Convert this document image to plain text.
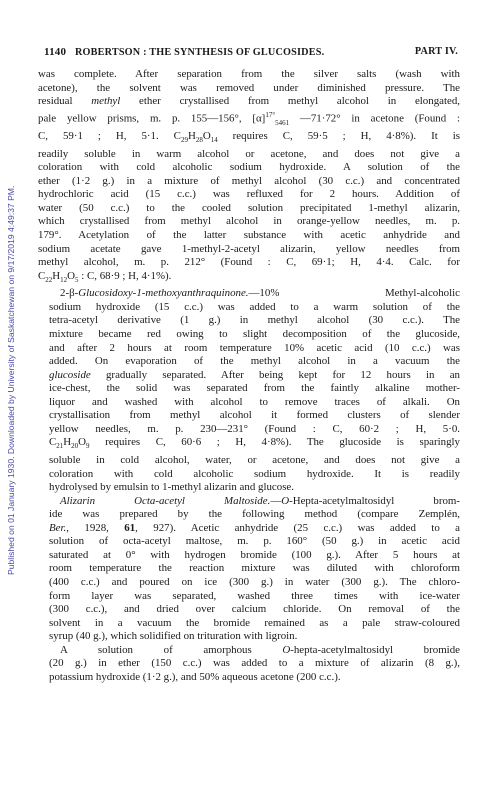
Published on 01 January 1930. Downloaded by University of Saskatchewan on 9/17/2019 4:49:37 PM.
1140 ROBERTSON : THE SYNTHESIS OF GLUCOSIDES.	PART IV.

was complete. After separation from the silver salts (wash with
acetone), the solvent was removed under diminished pressure. The
residual methyl ether crystallised from methyl alcohol in elongated,
pale yellow prisms, m. p. 155—156°, $[\alpha]^{17^\circ}_{5461}$ —71·72° in acetone (Found :
C, 59·1 ; H, 5·1. $C_{29}H_{28}O_{14}$ requires C, 59·5 ; H, 4·8%). It is
readily soluble in warm alcohol or acetone, and does not give a
coloration with cold alcoholic sodium hydroxide. A solution of the
ether (1·2 g.) in a mixture of methyl alcohol (30 c.c.) and concentrated
hydrochloric acid (15 c.c.) was refluxed for 2 hours. Addition of
water (50 c.c.) to the cooled solution precipitated 1-methyl alizarin,
which crystallised from methyl alcohol in orange-yellow needles, m. p.
179°. Acetylation of the latter substance with acetic anhydride and
sodium acetate gave 1-methyl-2-acetyl alizarin, yellow needles from
methyl alcohol, m. p. 212° (Found : C, 69·1; H, 4·4. Calc. for
$C_{22}H_{12}O_5$ : C, 68·9 ; H, 4·1%).

2-β-Glucosidoxy-1-methoxyanthraquinone.—10% Methyl-alcoholic
sodium hydroxide (15 c.c.) was added to a warm solution of the
tetra-acetyl derivative (1 g.) in methyl alcohol (30 c.c.). The
mixture became red owing to slight decomposition of the glucoside,
and after 2 hours at room temperature 10% acetic acid (10 c.c.) was
added. On evaporation of the methyl alcohol in a vacuum the
glucoside gradually separated. After being kept for 12 hours in an
ice-chest, the solid was separated from the faintly alkaline mother-
liquor and washed with alcohol to remove traces of alkali. On
crystallisation from methyl alcohol it formed clusters of slender
yellow needles, m. p. 230—231° (Found : C, 60·2 ; H, 5·0.
$C_{21}H_{20}O_9$ requires C, 60·6 ; H, 4·8%). The glucoside is sparingly
soluble in cold alcohol, water, or acetone, and does not give a
coloration with cold alcoholic sodium hydroxide. It is readily
hydrolysed by emulsin to 1-methyl alizarin and glucose.

Alizarin Octa-acetyl Maltoside.—O-Hepta-acetylmaltosidyl brom-
ide was prepared by the following method (compare Zemplén,
Ber., 1928, 61, 927). Acetic anhydride (25 c.c.) was added to a
solution of octa-acetyl maltose, m. p. 160° (50 g.) in acetic acid
saturated at 0° with hydrogen bromide (100 g.). After 5 hours at
room temperature the reaction mixture was diluted with chloroform
(400 c.c.) and poured on ice (300 g.) in water (300 g.). The chloro-
form layer was separated, washed three times with ice-water
(300 c.c.), and dried over calcium chloride. On removal of the
solvent in a vacuum the bromide remained as a pale straw-coloured
syrup (40 g.), which solidified on trituration with ligroin.

A solution of amorphous O-hepta-acetylmaltosidyl bromide
(20 g.) in ether (150 c.c.) was added to a mixture of alizarin (8 g.),
potassium hydroxide (1·2 g.), and 50% aqueous acetone (200 c.c.).
